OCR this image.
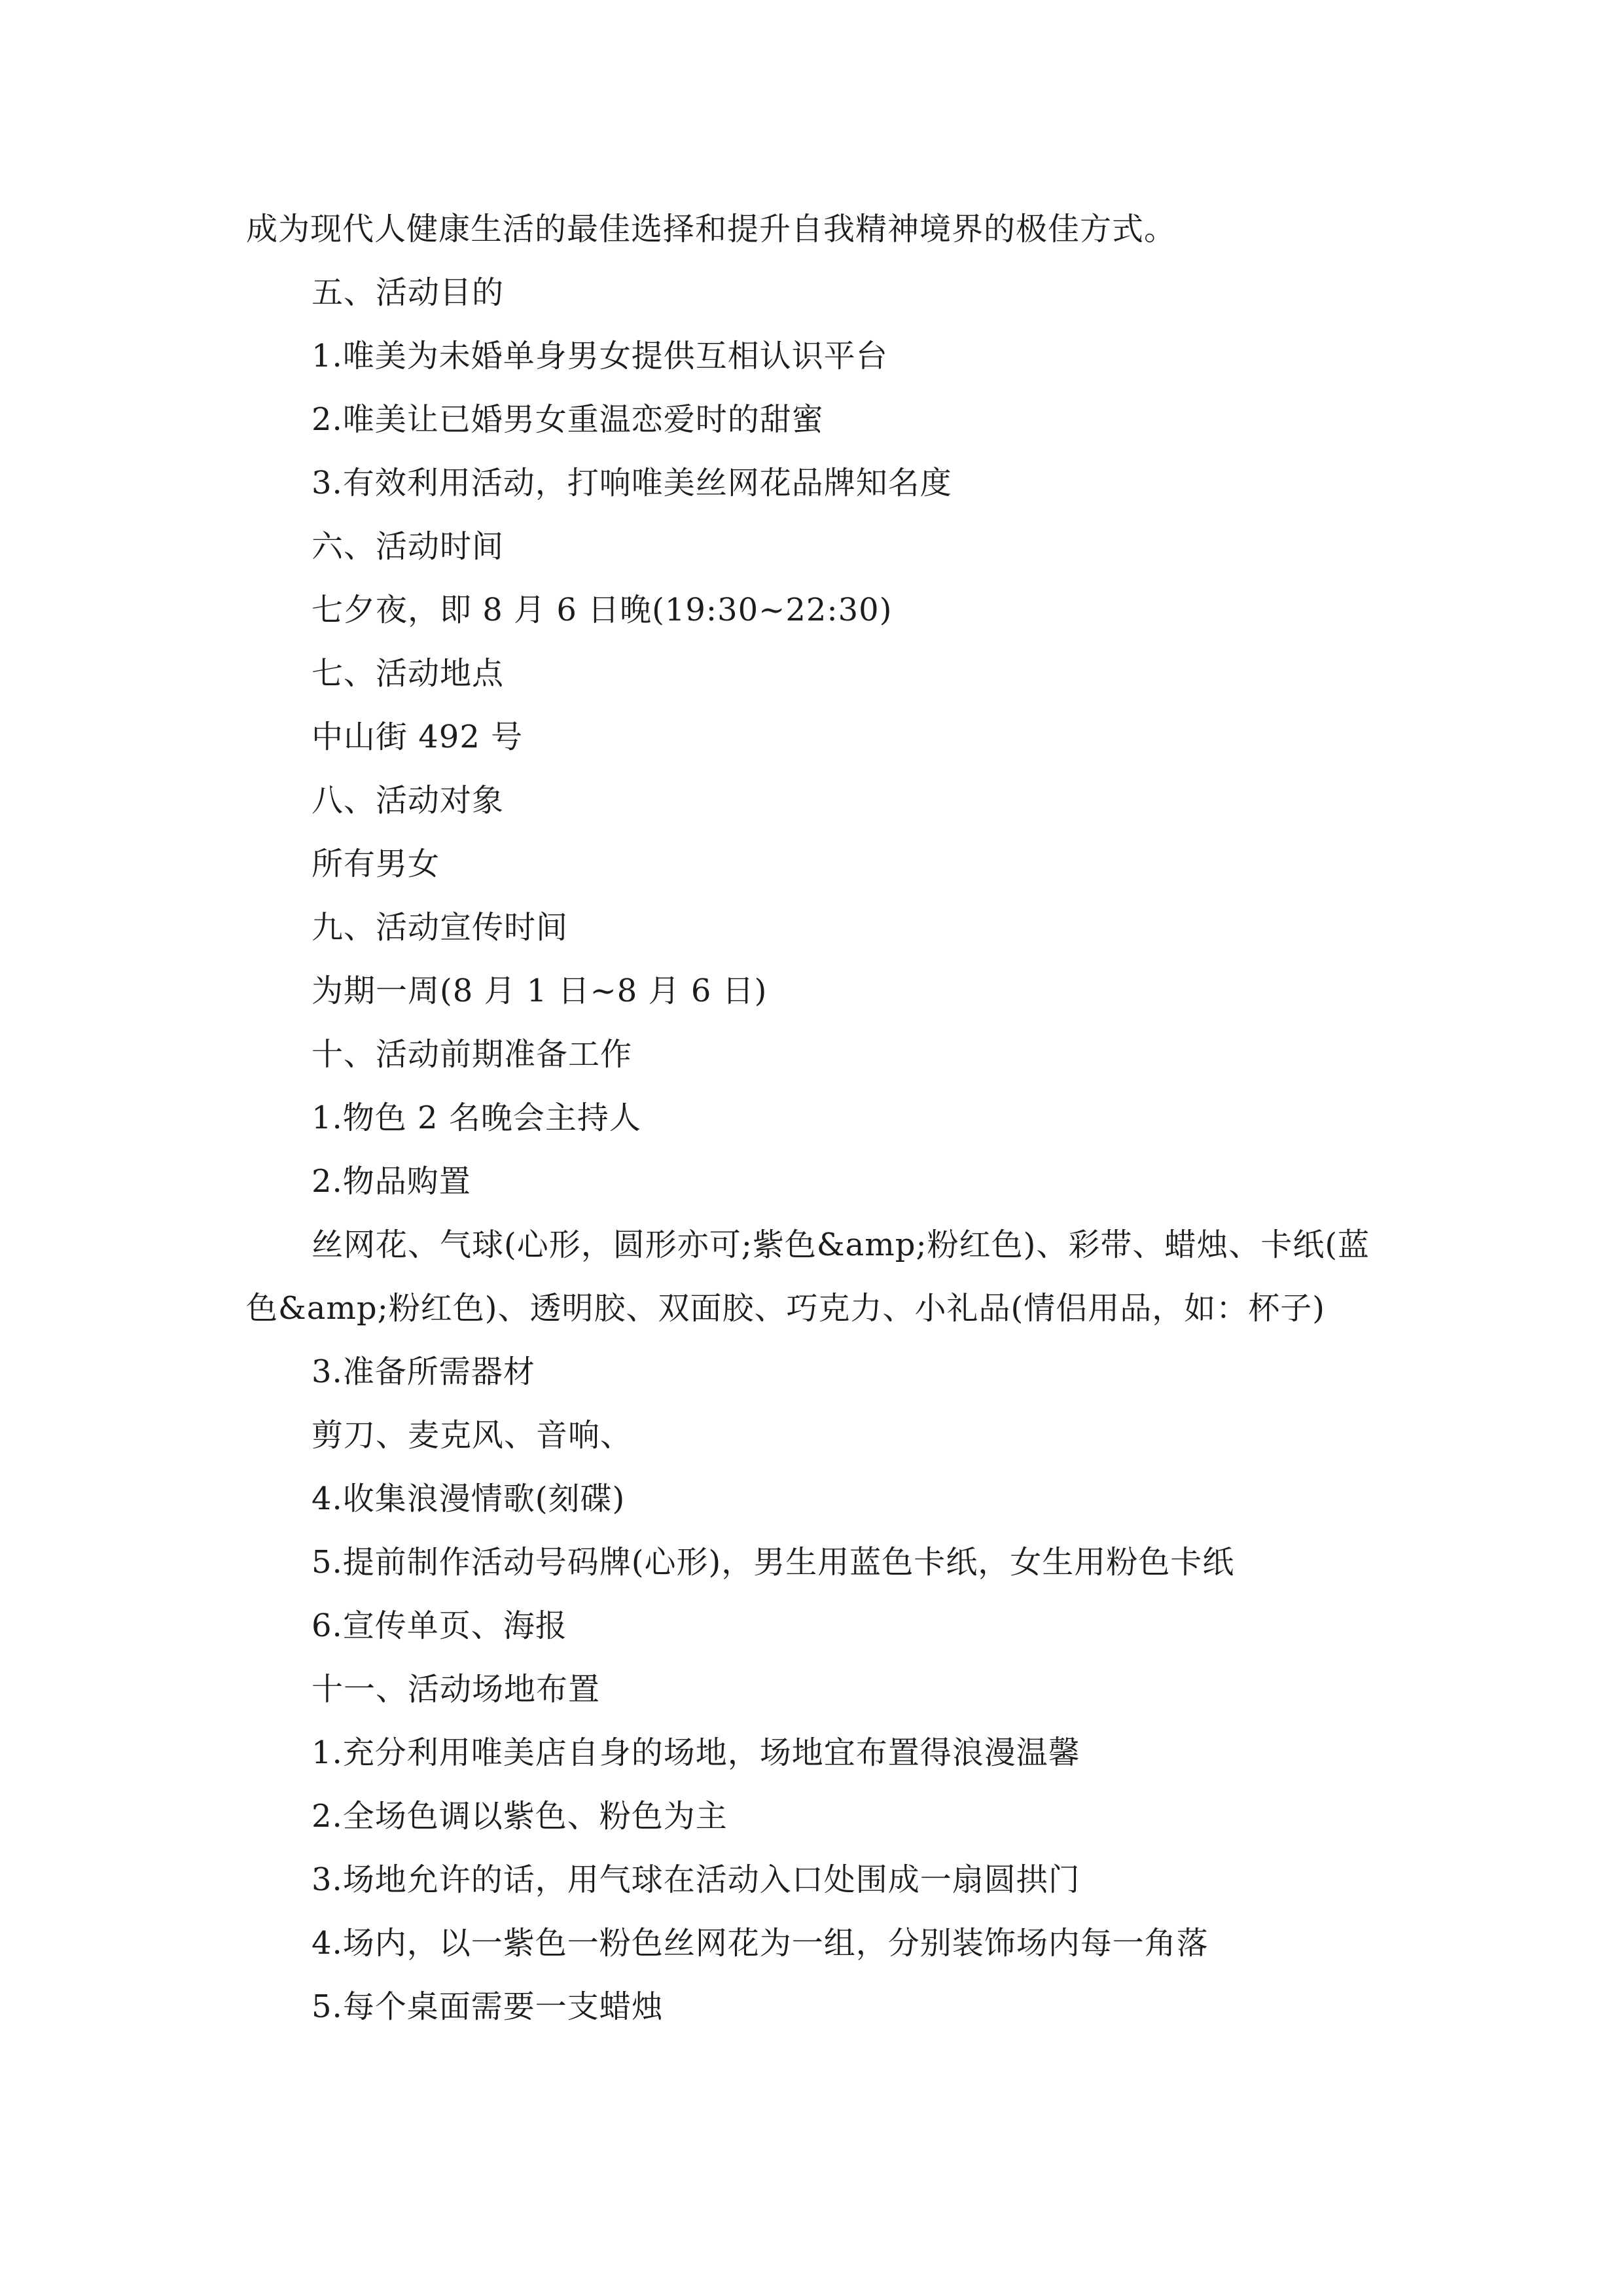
成为现代人健康生活的最佳选择和提升自我精神境界的极佳方式。
五、活动目的
1.唯美为未婚单身男女提供互相认识平台
2.唯美让已婚男女重温恋爱时的甜蜜
3.有效利用活动，打响唯美丝网花品牌知名度
六、活动时间
七夕夜，即 8 月 6 日晚(19:30~22:30)
七、活动地点
中山街 492 号
八、活动对象
所有男女
九、活动宣传时间
为期一周(8 月 1 日~8 月 6 日)
十、活动前期准备工作
1.物色 2 名晚会主持人
2.物品购置
丝网花、气球(心形，圆形亦可;紫色&amp;粉红色)、彩带、蜡烛、卡纸(蓝
色&amp;粉红色)、透明胶、双面胶、巧克力、小礼品(情侣用品，如：杯子)
3.准备所需器材
剪刀、麦克风、音响、
4.收集浪漫情歌(刻碟)
5.提前制作活动号码牌(心形)，男生用蓝色卡纸，女生用粉色卡纸
6.宣传单页、海报
十一、活动场地布置
1.充分利用唯美店自身的场地，场地宜布置得浪漫温馨
2.全场色调以紫色、粉色为主
3.场地允许的话，用气球在活动入口处围成一扇圆拱门
4.场内，以一紫色一粉色丝网花为一组，分别装饰场内每一角落
5.每个桌面需要一支蜡烛
